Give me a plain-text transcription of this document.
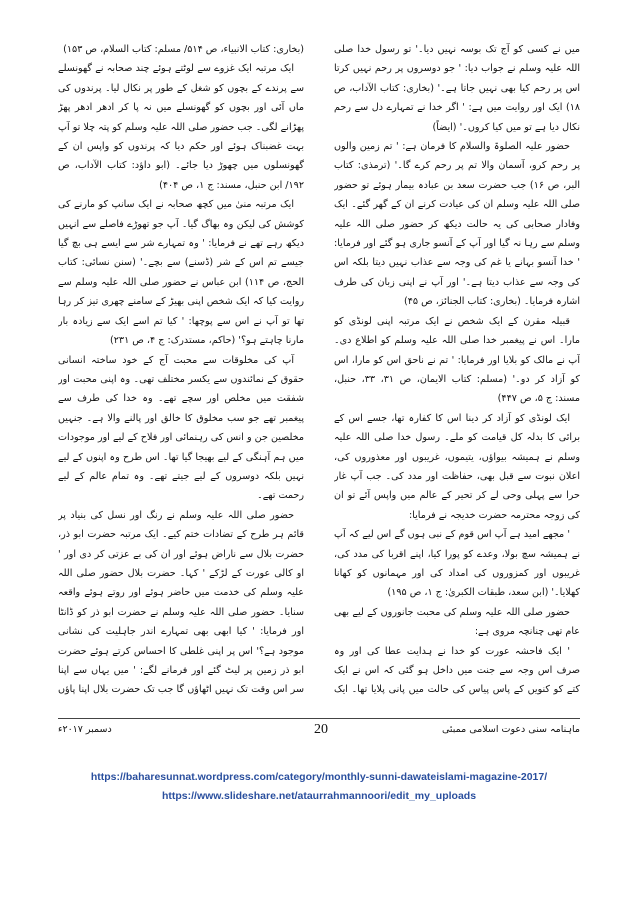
میں نے کسی کو آج تک بوسہ نہیں دیا۔' تو رسول خدا صلی اللہ علیہ وسلم نے جواب دیا: ' جو دوسروں پر رحم نہیں کرتا اس پر رحم کیا بھی نہیں جاتا ہے۔' (بخاری: کتاب الآداب، ص ۱۸) ایک اور روایت میں ہے: ' اگر خدا نے تمہارے دل سے رحم نکال دیا ہے تو میں کیا کروں۔' (ایضاً)

حضور علیہ الصلوۃ والسلام کا فرمان ہے: ' تم زمین والوں پر رحم کرو، آسمان والا تم پر رحم کرے گا۔' (ترمذی: کتاب البر، ص ۱۶) جب حضرت سعد بن عبادہ بیمار ہوئے تو حضور صلی اللہ علیہ وسلم ان کی عیادت کرنے ان کے گھر گئے۔ ایک وفادار صحابی کی یہ حالت دیکھ کر حضور صلی اللہ علیہ وسلم سے رہا نہ گیا اور آپ کے آنسو جاری ہو گئے اور فرمایا: ' خدا آنسو بہانے یا غم کی وجہ سے عذاب نہیں دیتا بلکہ اس کی وجہ سے عذاب دیتا ہے۔' اور آپ نے اپنی زبان کی طرف اشارہ فرمایا۔ (بخاری: کتاب الجنائز، ص ۴۵)

قبیلہ مقرن کے ایک شخص نے ایک مرتبہ اپنی لونڈی کو مارا۔ اس نے پیغمبر خدا صلی اللہ علیہ وسلم کو اطلاع دی۔ آپ نے مالک کو بلایا اور فرمایا: ' تم نے ناحق اس کو مارا، اس کو آزاد کر دو۔' (مسلم: کتاب الایمان، ص ۳۱، ۳۳، حنبل، مسند: ج ۵، ص ۴۴۷)

ایک لونڈی کو آزاد کر دینا اس کا کفارہ تھا، جسے اس کے برائی کا بدلہ کل قیامت کو ملے۔ رسول خدا صلی اللہ علیہ وسلم نے ہمیشہ بیواؤں، یتیموں، غریبوں اور معذوروں کی، اعلان نبوت سے قبل بھی، حفاظت اور مدد کی۔ جب آپ غار حرا سے پہلی وحی لے کر تحیر کے عالم میں واپس آئے تو ان کی زوجہ محترمہ حضرت خدیجہ نے فرمایا:

' مجھے امید ہے آپ اس قوم کے نبی ہوں گے اس لیے کہ آپ نے ہمیشہ سچ بولا، وعدے کو پورا کیا، اپنے اقربا کی مدد کی، غریبوں اور کمزوروں کی امداد کی اور مہمانوں کو کھانا کھلایا۔' (ابن سعد، طبقات الکبریٰ: ج ۱، ص ۱۹۵)

حضور صلی اللہ علیہ وسلم کی محبت جانوروں کے لیے بھی عام تھی چنانچہ مروی ہے:

' ایک فاحشہ عورت کو خدا نے ہدایت عطا کی اور وہ صرف اس وجہ سے جنت میں داخل ہو گئی کہ اس نے ایک کتے کو کنویں کے پاس پیاس کی حالت میں پانی پلایا تھا۔ ایک

(بخاری: کتاب الانبیاء، ص ۵۱۴/ مسلم: کتاب السلام، ص ۱۵۳)

ایک مرتبہ ایک غزوے سے لوٹتے ہوئے چند صحابہ نے گھونسلے سے پرندے کے بچوں کو شغل کے طور پر نکال لیا۔ پرندوں کی ماں آئی اور بچوں کو گھونسلے میں نہ پا کر ادھر ادھر پھڑ پھڑانے لگی۔ جب حضور صلی اللہ علیہ وسلم کو پتہ چلا تو آپ بہت غضبناک ہوئے اور حکم دیا کہ پرندوں کو واپس ان کے گھونسلوں میں چھوڑ دیا جائے۔ (ابو داؤد: کتاب الآداب، ص ۱۹۲/ ابن حنبل، مسند: ج ۱، ص ۴۰۴)

ایک مرتبہ منیٰ میں کچھ صحابہ نے ایک سانپ کو مارنے کی کوشش کی لیکن وہ بھاگ گیا۔ آپ جو تھوڑے فاصلے سے انہیں دیکھ رہے تھے نے فرمایا: ' وہ تمہارے شر سے ایسے ہی بچ گیا جیسے تم اس کے شر (ڈسنے) سے بچے۔' (سنن نسائی: کتاب الحج، ص ۱۱۴) ابن عباس نے حضور صلی اللہ علیہ وسلم سے روایت کیا کہ ایک شخص اپنی بھیڑ کے سامنے چھری تیز کر رہا تھا تو آپ نے اس سے پوچھا: ' کیا تم اسے ایک سے زیادہ بار مارنا چاہتے ہو؟' (حاکم، مستدرک: ج ۴، ص ۲۳۱)

آپ کی مخلوقات سے محبت آج کے خود ساختہ انسانی حقوق کے نمائندوں سے یکسر مختلف تھی۔ وہ اپنی محبت اور شفقت میں مخلص اور سچے تھے۔ وہ خدا کی طرف سے پیغمبر تھے جو سب مخلوق کا خالق اور پالنے والا ہے۔ جنہیں مخلصین جن و انس کی رہنمائی اور فلاح کے لیے اور موجودات میں ہم آہنگی کے لیے بھیجا گیا تھا۔ اس طرح وہ اپنوں کے لیے نہیں بلکہ دوسروں کے لیے جیتے تھے۔ وہ تمام عالم کے لیے رحمت تھے۔

حضور صلی اللہ علیہ وسلم نے رنگ اور نسل کی بنیاد پر قائم ہر طرح کے تضادات ختم کیے۔ ایک مرتبہ حضرت ابو ذر، حضرت بلال سے ناراض ہوئے اور ان کی بے عزتی کر دی اور ' او کالی عورت کے لڑکے ' کہا۔ حضرت بلال حضور صلی اللہ علیہ وسلم کی خدمت میں حاضر ہوئے اور روتے ہوئے واقعہ سنایا۔ حضور صلی اللہ علیہ وسلم نے حضرت ابو ذر کو ڈانٹا اور فرمایا: ' کیا ابھی بھی تمہارے اندر جاہلیت کی نشانی موجود ہے؟' اس پر اپنی غلطی کا احساس کرتے ہوئے حضرت ابو ذر زمین پر لیٹ گئے اور فرمانے لگے: ' میں یہاں سے اپنا سر اس وقت تک نہیں اٹھاؤں گا جب تک حضرت بلال اپنا پاؤں

ماہنامہ سنی دعوت اسلامی ممبئی
20
دسمبر ۲۰۱۷ء
https://baharesunnat.wordpress.com/category/monthly-sunni-dawateislami-magazine-2017/
https://www.slideshare.net/ataurrahmannoori/edit_my_uploads
